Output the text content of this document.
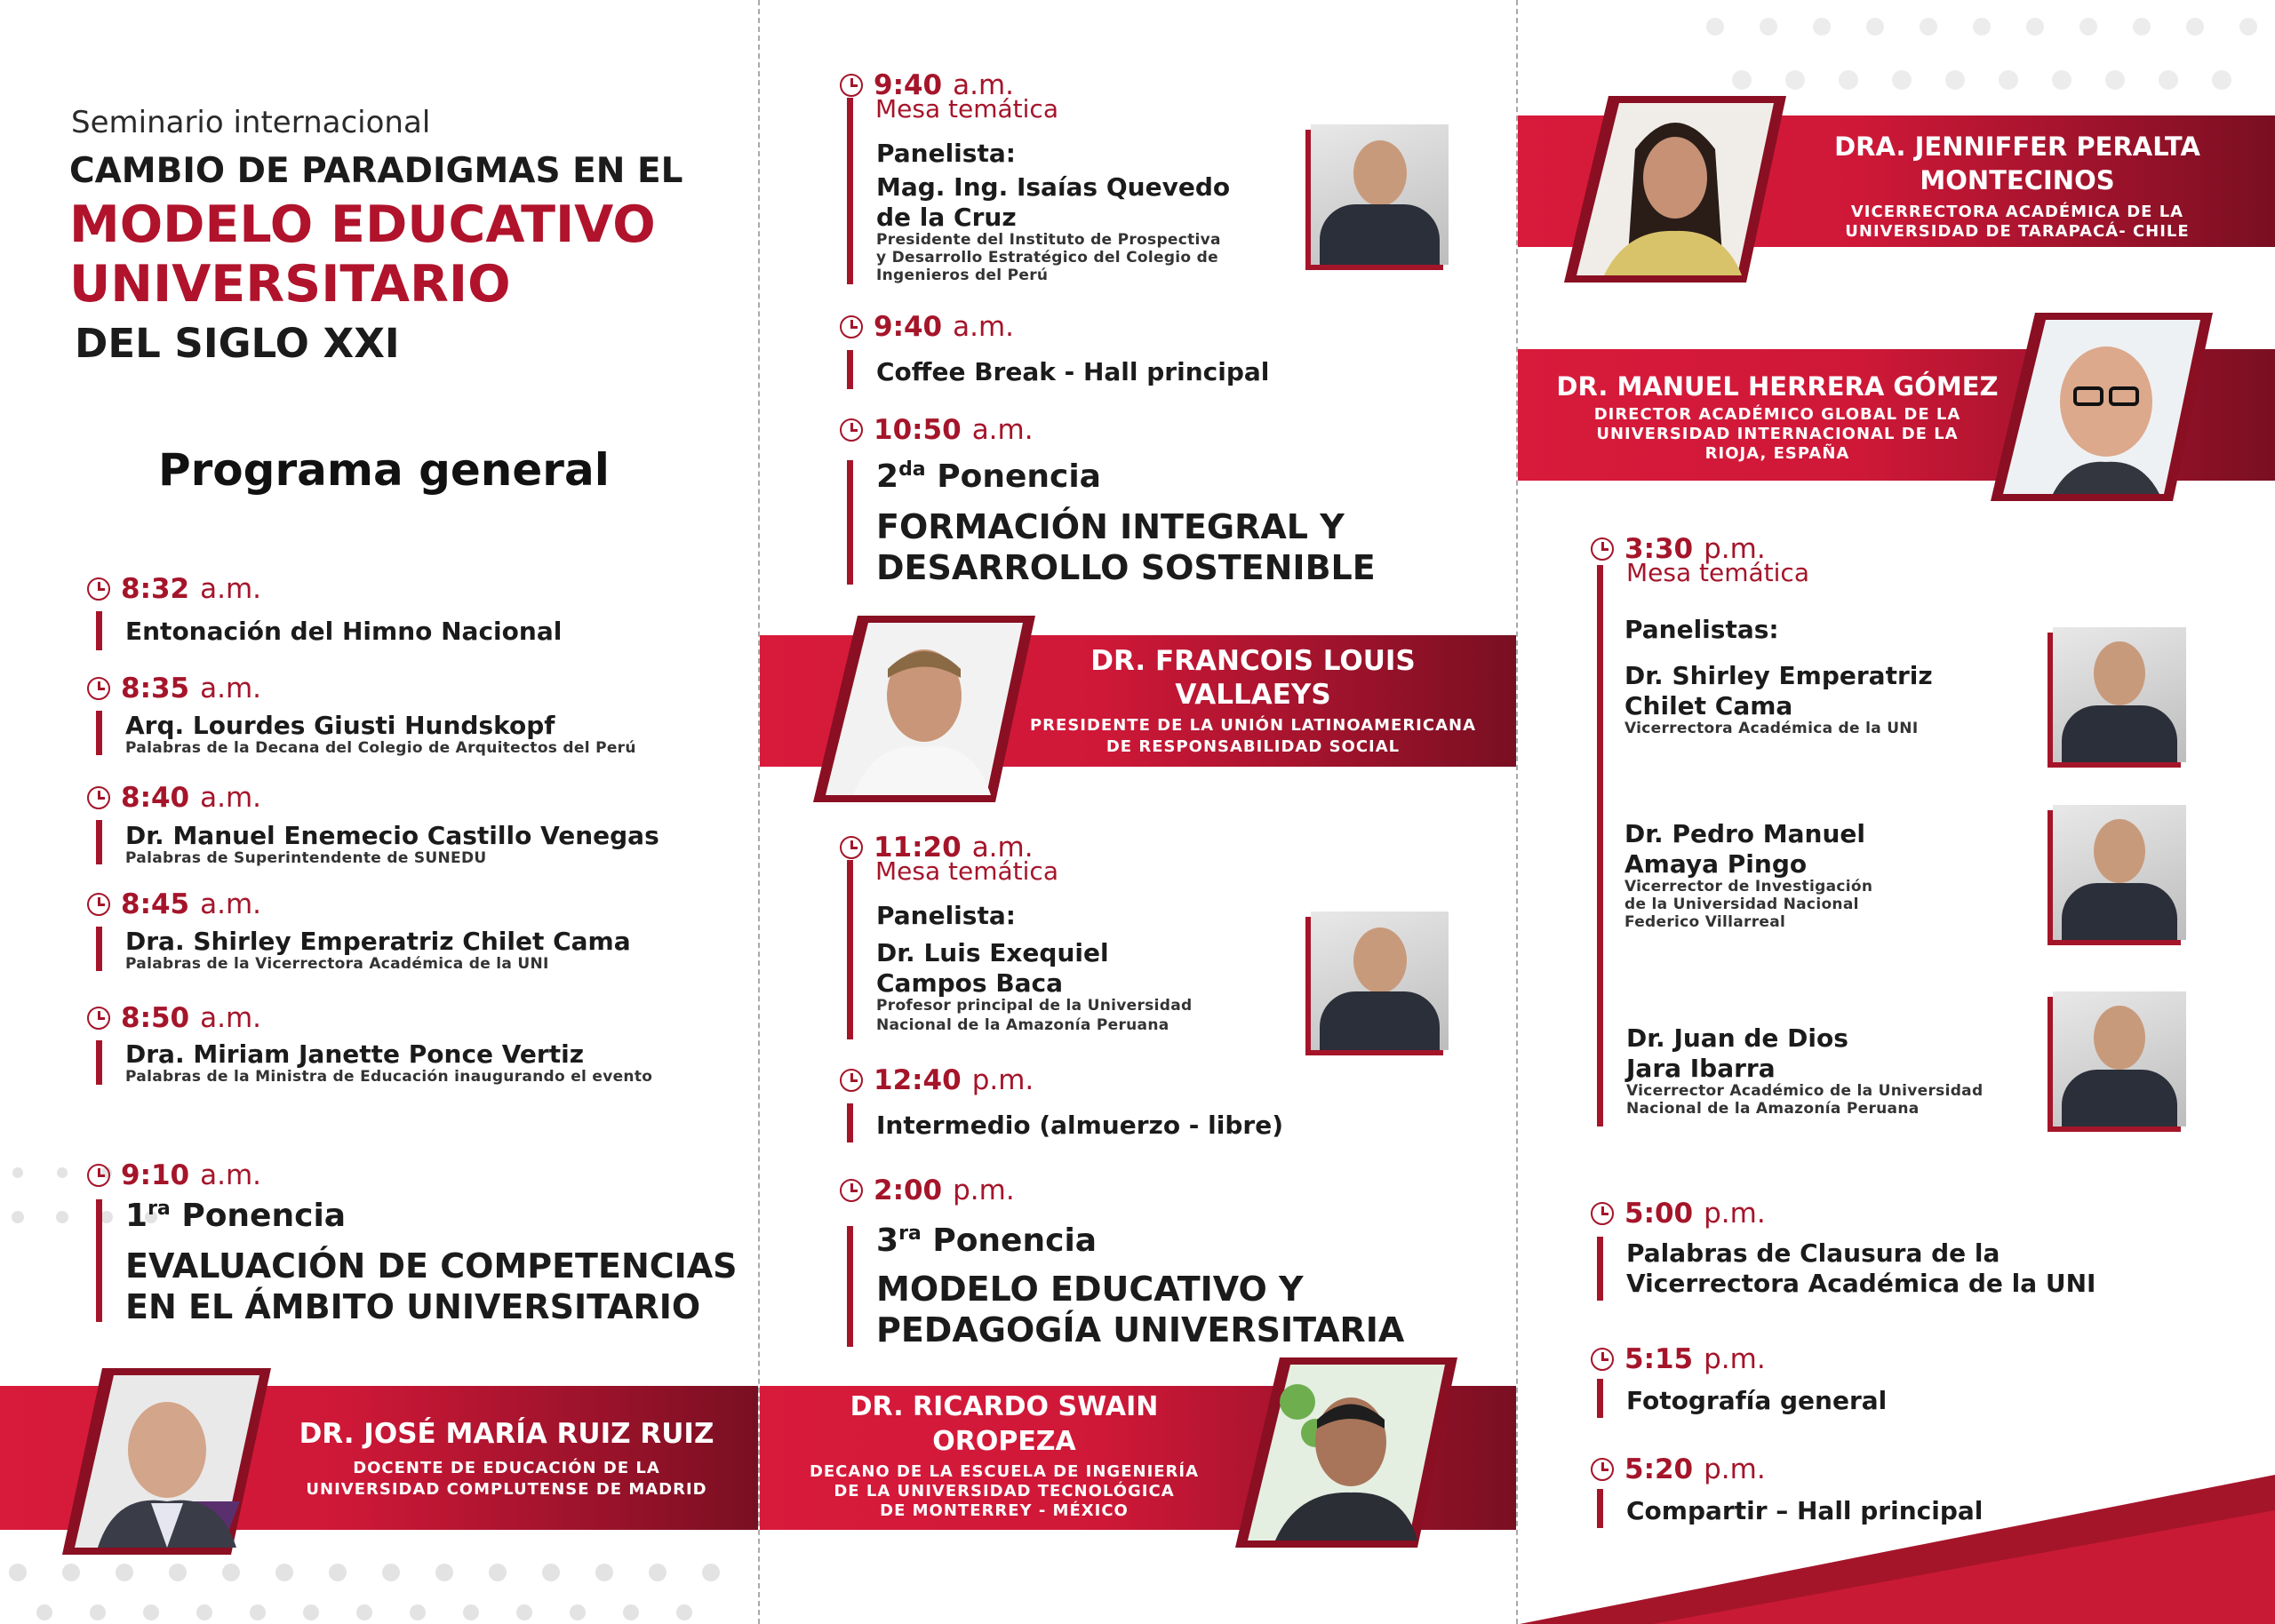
Seminario internacional
CAMBIO DE PARADIGMAS EN EL
MODELO EDUCATIVO
UNIVERSITARIO
DEL SIGLO XXI
Programa general
8:32 a.m.
Entonación del Himno Nacional
8:35 a.m.
Arq. Lourdes Giusti Hundskopf
Palabras de la Decana del Colegio de Arquitectos del Perú
8:40 a.m.
Dr. Manuel Enemecio Castillo Venegas
Palabras de Superintendente de SUNEDU
8:45 a.m.
Dra. Shirley Emperatriz Chilet Cama
Palabras de la Vicerrectora Académica de la UNI
8:50 a.m.
Dra. Miriam Janette Ponce Vertiz
Palabras de la Ministra de Educación inaugurando el evento
9:10 a.m.
$1^{ra}$ Ponencia
EVALUACIÓN DE COMPETENCIAS
EN EL ÁMBITO UNIVERSITARIO
DR. JOSÉ MARÍA RUIZ RUIZ
DOCENTE DE EDUCACIÓN DE LA
UNIVERSIDAD COMPLUTENSE DE MADRID
9:40 a.m.
Mesa temática
Panelista:
Mag. Ing. Isaías Quevedo
de la Cruz
Presidente del Instituto de Prospectiva
y Desarrollo Estratégico del Colegio de
Ingenieros del Perú
9:40 a.m.
Coffee Break - Hall principal
10:50 a.m.
$2^{da}$ Ponencia
FORMACIÓN INTEGRAL Y
DESARROLLO SOSTENIBLE
DR. FRANCOIS LOUIS
VALLAEYS
PRESIDENTE DE LA UNIÓN LATINOAMERICANA
DE RESPONSABILIDAD SOCIAL
11:20 a.m.
Mesa temática
Panelista:
Dr. Luis Exequiel
Campos Baca
Profesor principal de la Universidad
Nacional de la Amazonía Peruana
12:40 p.m.
Intermedio (almuerzo - libre)
2:00 p.m.
$3^{ra}$ Ponencia
MODELO EDUCATIVO Y
PEDAGOGÍA UNIVERSITARIA
DR. RICARDO SWAIN
OROPEZA
DECANO DE LA ESCUELA DE INGENIERÍA
DE LA UNIVERSIDAD TECNOLÓGICA
DE MONTERREY - MÉXICO
DRA. JENNIFFER PERALTA
MONTECINOS
VICERRECTORA ACADÉMICA DE LA
UNIVERSIDAD DE TARAPACÁ- CHILE
DR. MANUEL HERRERA GÓMEZ
DIRECTOR ACADÉMICO GLOBAL DE LA
UNIVERSIDAD INTERNACIONAL DE LA
RIOJA, ESPAÑA
3:30 p.m.
Mesa temática
Panelistas:
Dr. Shirley Emperatriz
Chilet Cama
Vicerrectora Académica de la UNI
Dr. Pedro Manuel
Amaya Pingo
Vicerrector de Investigación
de la Universidad Nacional
Federico Villarreal
Dr. Juan de Dios
Jara Ibarra
Vicerrector Académico de la Universidad
Nacional de la Amazonía Peruana
5:00 p.m.
Palabras de Clausura de la
Vicerrectora Académica de la UNI
5:15 p.m.
Fotografía general
5:20 p.m.
Compartir – Hall principal
